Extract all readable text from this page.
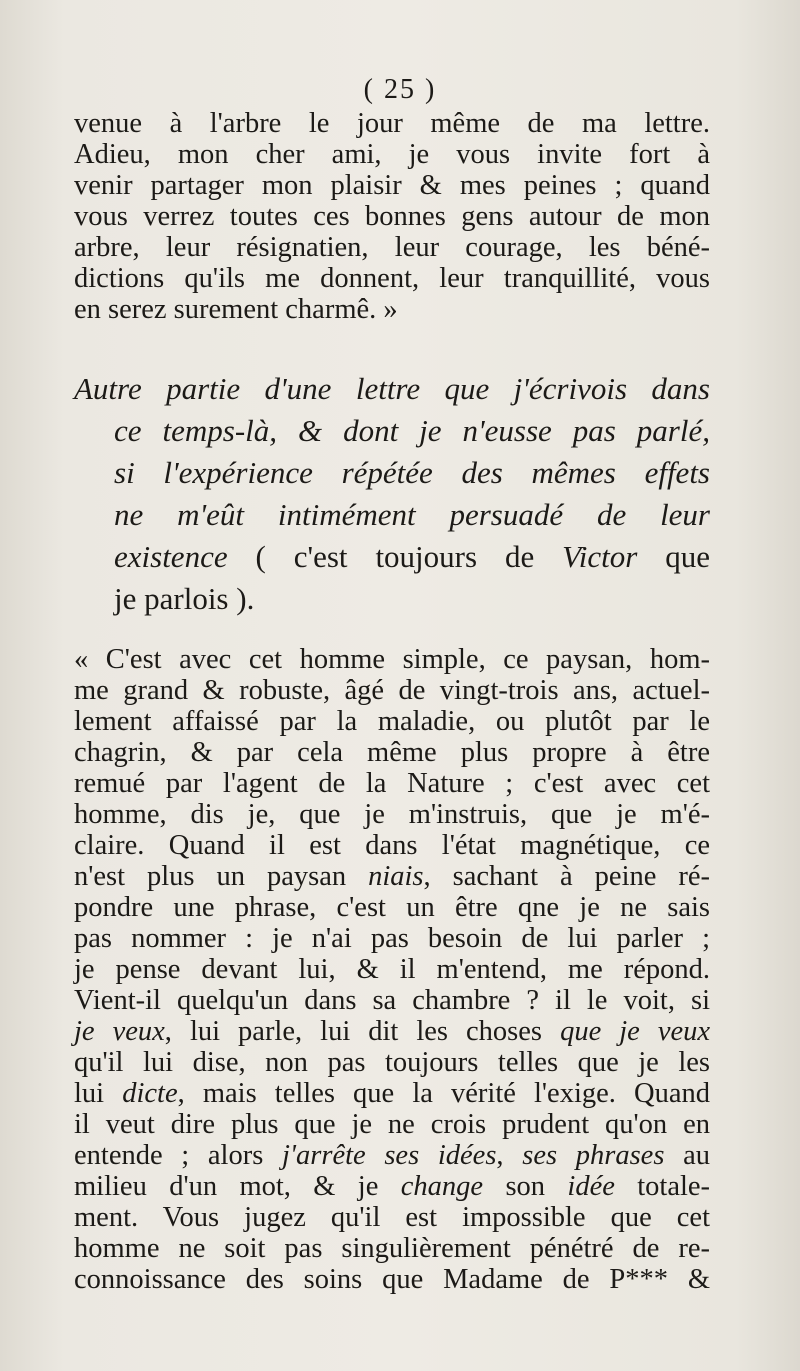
( 25 )
venue à l'arbre le jour même de ma lettre.
Adieu, mon cher ami, je vous invite fort à
venir partager mon plaisir & mes peines ; quand
vous verrez toutes ces bonnes gens autour de mon
arbre, leur résignatien, leur courage, les béné-
dictions qu'ils me donnent, leur tranquillité, vous
en serez surement charmê. »
Autre partie d'une lettre que j'écrivois dans
ce temps-là, & dont je n'eusse pas parlé,
si l'expérience répétée des mêmes effets
ne m'eût intimément persuadé de leur
existence ( c'est toujours de Victor que
je parlois ).
« C'est avec cet homme simple, ce paysan, hom-
me grand & robuste, âgé de vingt-trois ans, actuel-
lement affaissé par la maladie, ou plutôt par le
chagrin, & par cela même plus propre à être
remué par l'agent de la Nature ; c'est avec cet
homme, dis je, que je m'instruis, que je m'é-
claire. Quand il est dans l'état magnétique, ce
n'est plus un paysan niais, sachant à peine ré-
pondre une phrase, c'est un être qne je ne sais
pas nommer : je n'ai pas besoin de lui parler ;
je pense devant lui, & il m'entend, me répond.
Vient-il quelqu'un dans sa chambre ? il le voit, si
je veux, lui parle, lui dit les choses que je veux
qu'il lui dise, non pas toujours telles que je les
lui dicte, mais telles que la vérité l'exige. Quand
il veut dire plus que je ne crois prudent qu'on en
entende ; alors j'arrête ses idées, ses phrases au
milieu d'un mot, & je change son idée totale-
ment. Vous jugez qu'il est impossible que cet
homme ne soit pas singulièrement pénétré de re-
connoissance des soins que Madame de P*** &
